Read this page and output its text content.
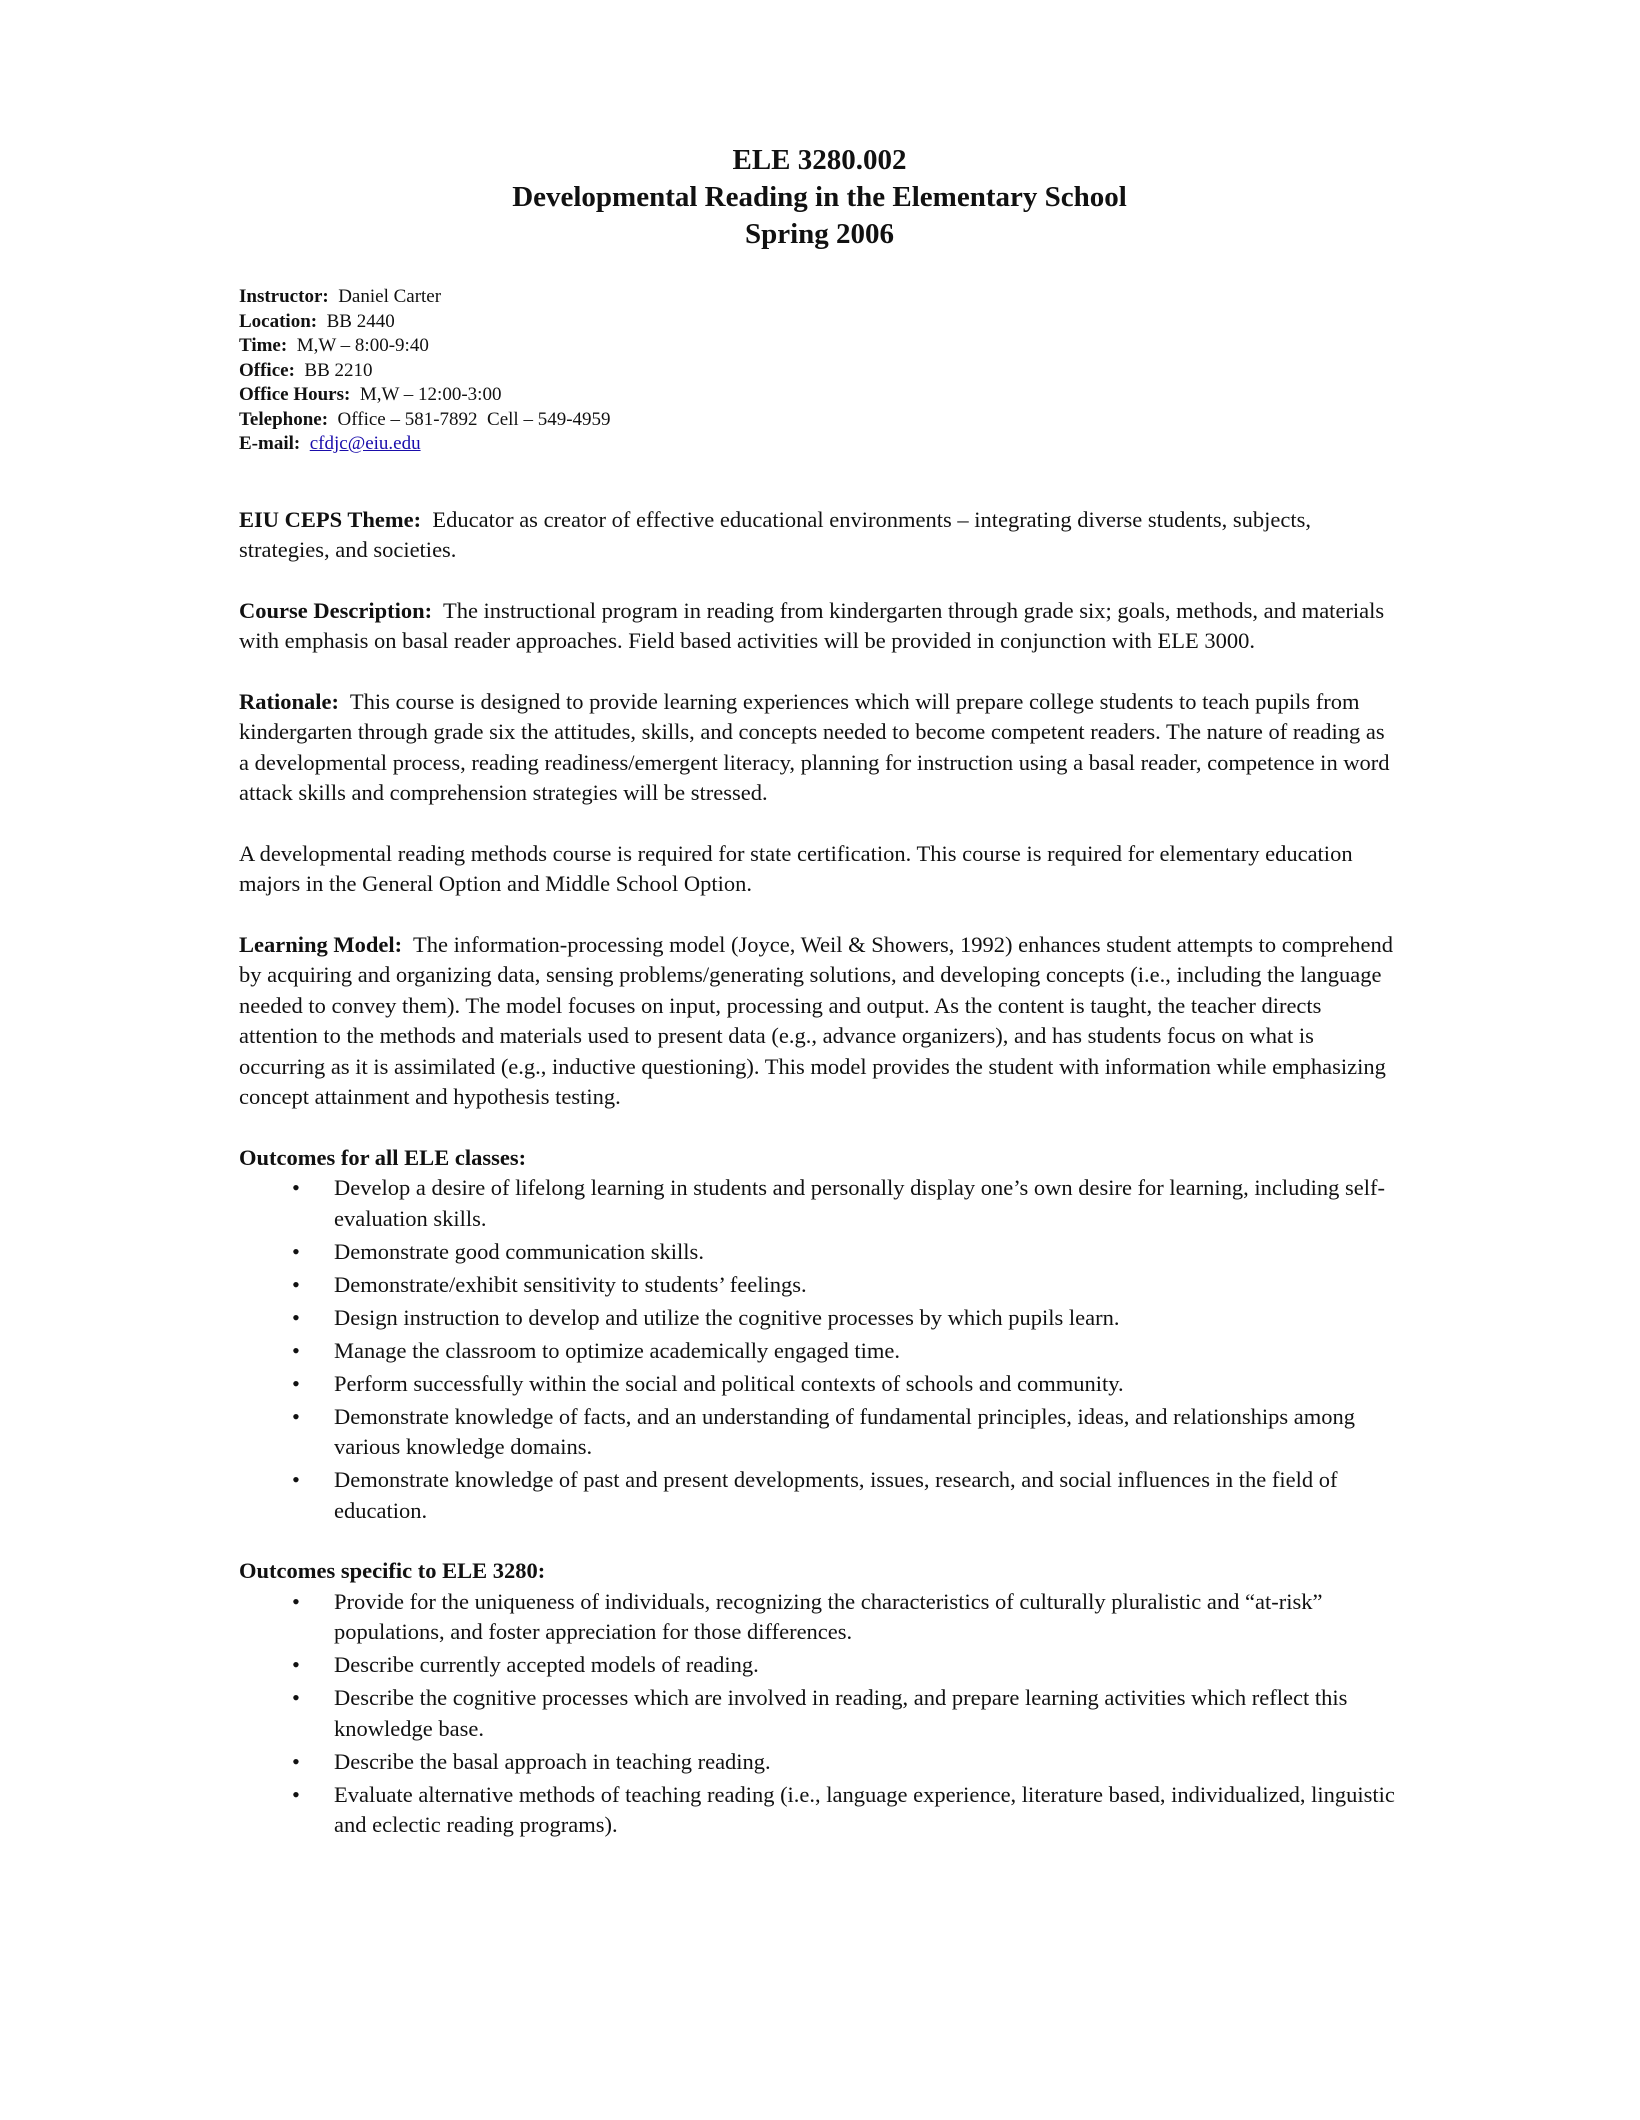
ELE 3280.002
Developmental Reading in the Elementary School
Spring 2006
Instructor: Daniel Carter
Location: BB 2440
Time: M,W – 8:00-9:40
Office: BB 2210
Office Hours: M,W – 12:00-3:00
Telephone: Office – 581-7892  Cell – 549-4959
E-mail: cfdjc@eiu.edu

EIU CEPS Theme: Educator as creator of effective educational environments – integrating diverse students, subjects, strategies, and societies.

Course Description: The instructional program in reading from kindergarten through grade six; goals, methods, and materials with emphasis on basal reader approaches. Field based activities will be provided in conjunction with ELE 3000.

Rationale: This course is designed to provide learning experiences which will prepare college students to teach pupils from kindergarten through grade six the attitudes, skills, and concepts needed to become competent readers. The nature of reading as a developmental process, reading readiness/emergent literacy, planning for instruction using a basal reader, competence in word attack skills and comprehension strategies will be stressed.

A developmental reading methods course is required for state certification. This course is required for elementary education majors in the General Option and Middle School Option.

Learning Model: The information-processing model (Joyce, Weil & Showers, 1992) enhances student attempts to comprehend by acquiring and organizing data, sensing problems/generating solutions, and developing concepts (i.e., including the language needed to convey them). The model focuses on input, processing and output. As the content is taught, the teacher directs attention to the methods and materials used to present data (e.g., advance organizers), and has students focus on what is occurring as it is assimilated (e.g., inductive questioning). This model provides the student with information while emphasizing concept attainment and hypothesis testing.

Outcomes for all ELE classes:
• Develop a desire of lifelong learning in students and personally display one’s own desire for learning, including self-evaluation skills.
• Demonstrate good communication skills.
• Demonstrate/exhibit sensitivity to students’ feelings.
• Design instruction to develop and utilize the cognitive processes by which pupils learn.
• Manage the classroom to optimize academically engaged time.
• Perform successfully within the social and political contexts of schools and community.
• Demonstrate knowledge of facts, and an understanding of fundamental principles, ideas, and relationships among various knowledge domains.
• Demonstrate knowledge of past and present developments, issues, research, and social influences in the field of education.
Outcomes specific to ELE 3280:
• Provide for the uniqueness of individuals, recognizing the characteristics of culturally pluralistic and “at-risk” populations, and foster appreciation for those differences.
• Describe currently accepted models of reading.
• Describe the cognitive processes which are involved in reading, and prepare learning activities which reflect this knowledge base.
• Describe the basal approach in teaching reading.
• Evaluate alternative methods of teaching reading (i.e., language experience, literature based, individualized, linguistic and eclectic reading programs).
